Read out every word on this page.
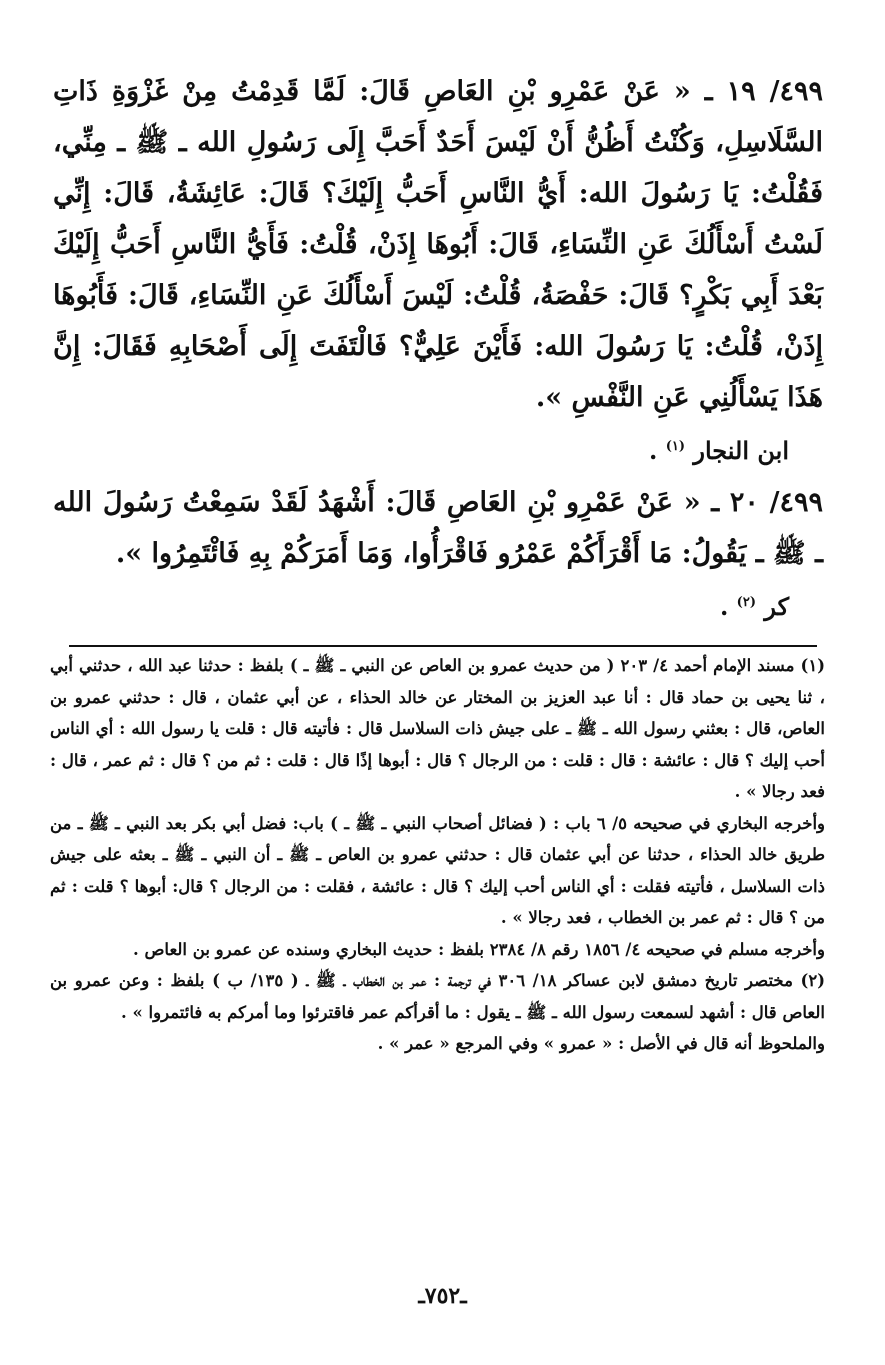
٤٩٩/ ١٩ ـ « عَنْ عَمْرِو بْنِ العَاصِ قَالَ: لَمَّا قَدِمْتُ مِنْ غَزْوَةِ ذَاتِ السَّلَاسِلِ، وَكُنْتُ أَظُنُّ أَنْ لَيْسَ أَحَدٌ أَحَبَّ إِلَى رَسُولِ الله ـ ﷺ ـ مِنِّي، فَقُلْتُ: يَا رَسُولَ الله: أَيُّ النَّاسِ أَحَبُّ إِلَيْكَ؟ قَالَ: عَائِشَةُ، قَالَ: إِنِّي لَسْتُ أَسْأَلُكَ عَنِ النِّسَاءِ، قَالَ: أَبُوهَا إِذَنْ، قُلْتُ: فَأَيُّ النَّاسِ أَحَبُّ إِلَيْكَ بَعْدَ أَبِي بَكْرٍ؟ قَالَ: حَفْصَةُ، قُلْتُ: لَيْسَ أَسْأَلُكَ عَنِ النِّسَاءِ، قَالَ: فَأَبُوهَا إِذَنْ، قُلْتُ: يَا رَسُولَ الله: فَأَيْنَ عَلِيٌّ؟ فَالْتَفَتَ إِلَى أَصْحَابِهِ فَقَالَ: إِنَّ هَذَا يَسْأَلُنِي عَنِ النَّفْسِ ».

ابن النجار $^{(١)}$ .

٤٩٩/ ٢٠ ـ « عَنْ عَمْرِو بْنِ العَاصِ قَالَ: أَشْهَدُ لَقَدْ سَمِعْتُ رَسُولَ الله ـ ﷺ ـ يَقُولُ: مَا أَقْرَأَكُمْ عَمْرُو فَاقْرَأُوا، وَمَا أَمَرَكُمْ بِهِ فَائْتَمِرُوا ».

كر $^{(٢)}$ .

(١) مسند الإمام أحمد ٤/ ٢٠٣ ( من حديث عمرو بن العاص عن النبي ـ ﷺ ـ ) بلفظ : حدثنا عبد الله ، حدثني أبي ، ثنا يحيى بن حماد قال : أنا عبد العزيز بن المختار عن خالد الحذاء ، عن أبي عثمان ، قال : حدثني عمرو بن العاص، قال : بعثني رسول الله ـ ﷺ ـ على جيش ذات السلاسل قال : فأتيته قال : قلت يا رسول الله : أي الناس أحب إليك ؟ قال : عائشة : قال : قلت : من الرجال ؟ قال : أبوها إذًا قال : قلت : ثم من ؟ قال : ثم عمر ، قال : فعد رجالا » .

وأخرجه البخاري في صحيحه ٥/ ٦ باب : ( فضائل أصحاب النبي ـ ﷺ ـ ) باب: فضل أبي بكر بعد النبي ـ ﷺ ـ من طريق خالد الحذاء ، حدثنا عن أبي عثمان قال : حدثني عمرو بن العاص ـ ﷺ ـ أن النبي ـ ﷺ ـ بعثه على جيش ذات السلاسل ، فأتيته فقلت : أي الناس أحب إليك ؟ قال : عائشة ، فقلت : من الرجال ؟ قال: أبوها ؟ قلت : ثم من ؟ قال : ثم عمر بن الخطاب ، فعد رجالا » .

وأخرجه مسلم في صحيحه ٤/ ١٨٥٦ رقم ٨/ ٢٣٨٤ بلفظ : حديث البخاري وسنده عن عمرو بن العاص .

(٢) مختصر تاريخ دمشق لابن عساكر ١٨/ ٣٠٦ في ترجمة : عمر بن الخطاب ـ ﷺ ـ ( ١٣٥/ ب ) بلفظ : وعن عمرو بن العاص قال : أشهد لسمعت رسول الله ـ ﷺ ـ يقول : ما أقرأكم عمر فاقترئوا وما أمركم به فائتمروا » .

والملحوظ أنه قال في الأصل : « عمرو » وفي المرجع « عمر » .

ـ٧٥٢ـ
